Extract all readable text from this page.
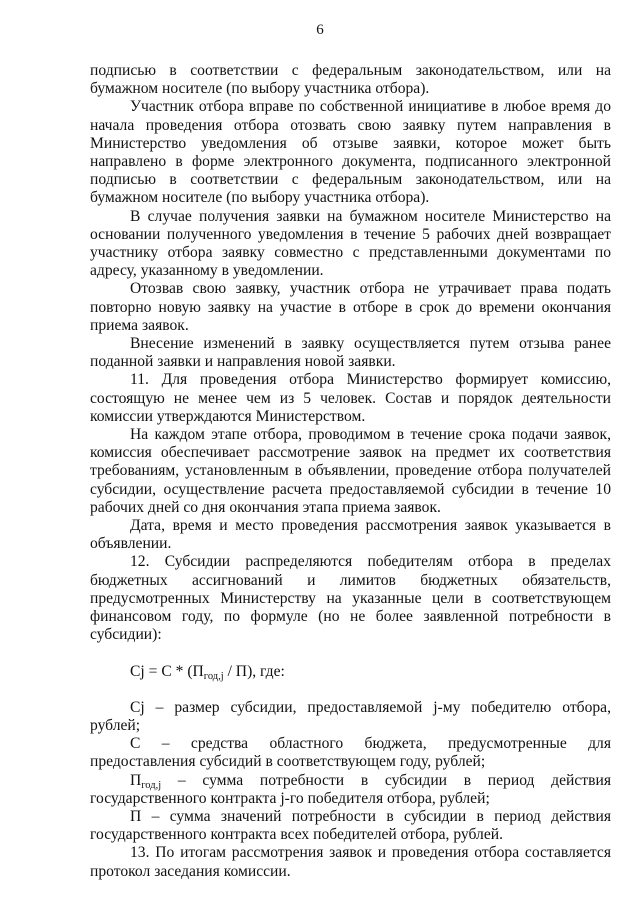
6

подписью в соответствии с федеральным законодательством, или на бумажном носителе (по выбору участника отбора).

Участник отбора вправе по собственной инициативе в любое время до начала проведения отбора отозвать свою заявку путем направления в Министерство уведомления об отзыве заявки, которое может быть направлено в форме электронного документа, подписанного электронной подписью в соответствии с федеральным законодательством, или на бумажном носителе (по выбору участника отбора).

В случае получения заявки на бумажном носителе Министерство на основании полученного уведомления в течение 5 рабочих дней возвращает участнику отбора заявку совместно с представленными документами по адресу, указанному в уведомлении.

Отозвав свою заявку, участник отбора не утрачивает права подать повторно новую заявку на участие в отборе в срок до времени окончания приема заявок.

Внесение изменений в заявку осуществляется путем отзыва ранее поданной заявки и направления новой заявки.

11. Для проведения отбора Министерство формирует комиссию, состоящую не менее чем из 5 человек. Состав и порядок деятельности комиссии утверждаются Министерством.

На каждом этапе отбора, проводимом в течение срока подачи заявок, комиссия обеспечивает рассмотрение заявок на предмет их соответствия требованиям, установленным в объявлении, проведение отбора получателей субсидии, осуществление расчета предоставляемой субсидии в течение 10 рабочих дней со дня окончания этапа приема заявок.

Дата, время и место проведения рассмотрения заявок указывается в объявлении.

12. Субсидии распределяются победителям отбора в пределах бюджетных ассигнований и лимитов бюджетных обязательств, предусмотренных Министерству на указанные цели в соответствующем финансовом году, по формуле (но не более заявленной потребности в субсидии):

$Cj = C * (П_{год,j} / П)$, где:

Cj – размер субсидии, предоставляемой j-му победителю отбора, рублей;

C – средства областного бюджета, предусмотренные для предоставления субсидий в соответствующем году, рублей;

$П_{год,j}$ – сумма потребности в субсидии в период действия государственного контракта j-го победителя отбора, рублей;

П – сумма значений потребности в субсидии в период действия государственного контракта всех победителей отбора, рублей.

13. По итогам рассмотрения заявок и проведения отбора составляется протокол заседания комиссии.
